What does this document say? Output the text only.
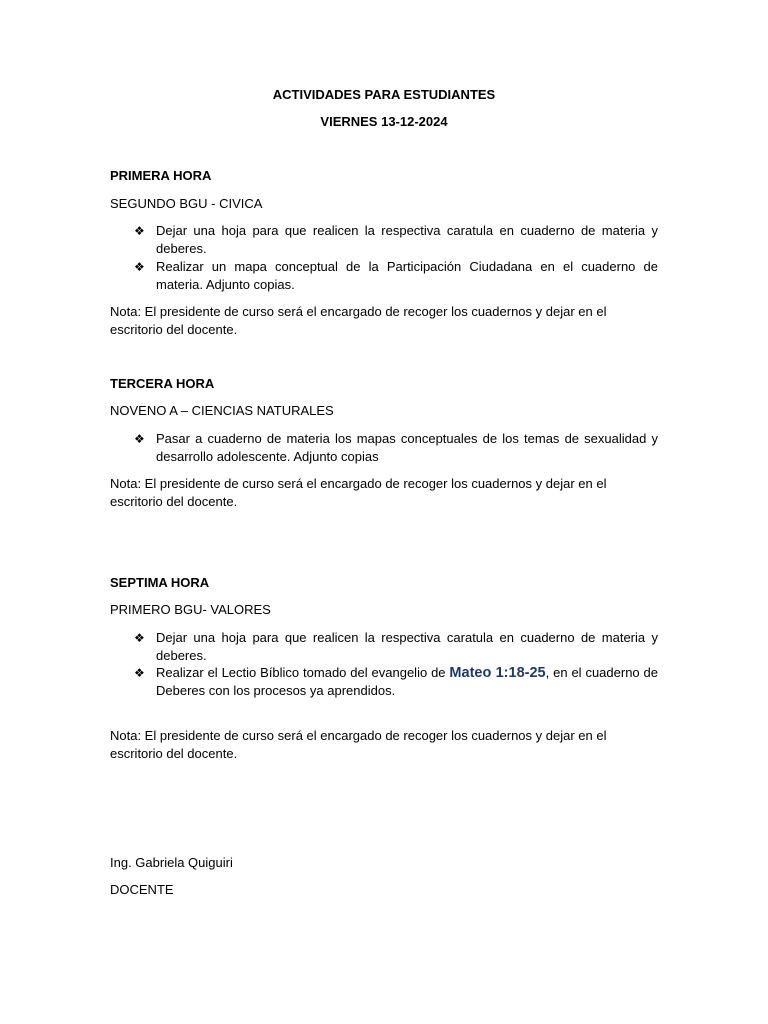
ACTIVIDADES PARA ESTUDIANTES
VIERNES 13-12-2024
PRIMERA HORA
SEGUNDO BGU - CIVICA
❖ Dejar una hoja para que realicen la respectiva caratula en cuaderno de materia y deberes.
❖ Realizar un mapa conceptual de la Participación Ciudadana en el cuaderno de materia. Adjunto copias.
Nota: El presidente de curso será el encargado de recoger los cuadernos y dejar en el escritorio del docente.
TERCERA HORA
NOVENO A – CIENCIAS NATURALES
❖ Pasar a cuaderno de materia los mapas conceptuales de los temas de sexualidad y desarrollo adolescente. Adjunto copias
Nota: El presidente de curso será el encargado de recoger los cuadernos y dejar en el escritorio del docente.
SEPTIMA HORA
PRIMERO BGU- VALORES
❖ Dejar una hoja para que realicen la respectiva caratula en cuaderno de materia y deberes.
❖ Realizar el Lectio Bíblico tomado del evangelio de Mateo 1:18-25, en el cuaderno de Deberes con los procesos ya aprendidos.
Nota: El presidente de curso será el encargado de recoger los cuadernos y dejar en el escritorio del docente.
Ing. Gabriela Quiguiri
DOCENTE
